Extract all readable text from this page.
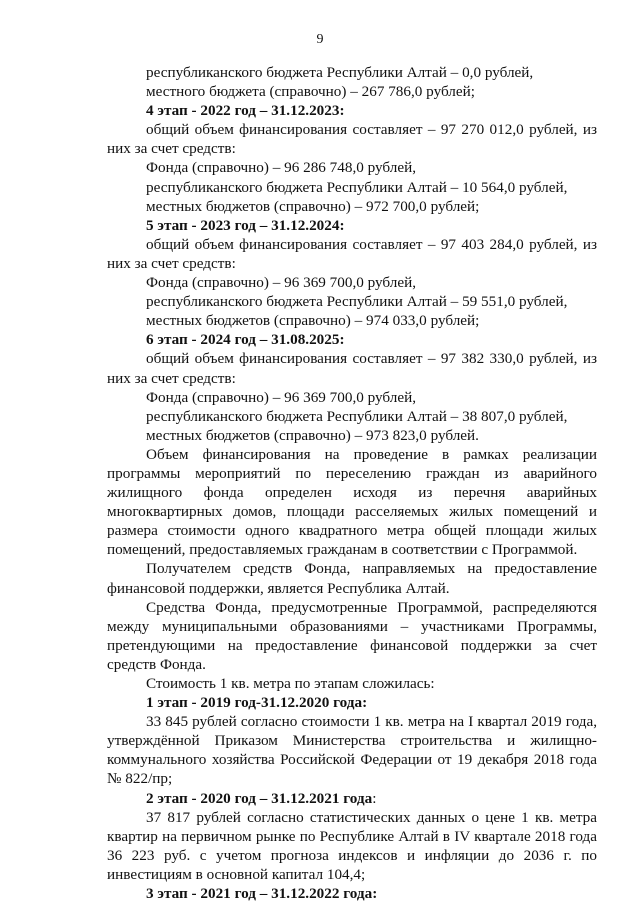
9

республиканского бюджета Республики Алтай – 0,0 рублей,

местного бюджета (справочно) – 267 786,0 рублей;

4 этап - 2022 год – 31.12.2023:

общий объем финансирования составляет – 97 270 012,0 рублей, из них за счет средств:

Фонда (справочно) – 96 286 748,0 рублей,

республиканского бюджета Республики Алтай – 10 564,0 рублей,

местных бюджетов (справочно) – 972 700,0 рублей;

5 этап - 2023 год – 31.12.2024:

общий объем финансирования составляет – 97 403 284,0 рублей, из них за счет средств:

Фонда (справочно) – 96 369 700,0 рублей,

республиканского бюджета Республики Алтай – 59 551,0 рублей,

местных бюджетов (справочно) – 974 033,0 рублей;

6 этап - 2024 год – 31.08.2025:

общий объем финансирования составляет – 97 382 330,0 рублей, из них за счет средств:

Фонда (справочно) – 96 369 700,0 рублей,

республиканского бюджета Республики Алтай – 38 807,0 рублей,

местных бюджетов (справочно) – 973 823,0 рублей.

Объем финансирования на проведение в рамках реализации программы мероприятий по переселению граждан из аварийного жилищного фонда определен исходя из перечня аварийных многоквартирных домов, площади расселяемых жилых помещений и размера стоимости одного квадратного метра общей площади жилых помещений, предоставляемых гражданам в соответствии с Программой.

Получателем средств Фонда, направляемых на предоставление финансовой поддержки, является Республика Алтай.

Средства Фонда, предусмотренные Программой, распределяются между муниципальными образованиями – участниками Программы, претендующими на предоставление финансовой поддержки за счет средств Фонда.

Стоимость 1 кв. метра по этапам сложилась:

1 этап - 2019 год-31.12.2020 года:

33 845 рублей согласно стоимости 1 кв. метра на I квартал 2019 года, утверждённой Приказом Министерства строительства и жилищно-коммунального хозяйства Российской Федерации от 19 декабря 2018 года № 822/пр;

2 этап - 2020 год – 31.12.2021 года:

37 817 рублей согласно статистических данных о цене 1 кв. метра квартир на первичном рынке по Республике Алтай в IV квартале 2018 года 36 223 руб. с учетом прогноза индексов и инфляции до 2036 г. по инвестициям в основной капитал 104,4;

3 этап - 2021 год – 31.12.2022 года:
